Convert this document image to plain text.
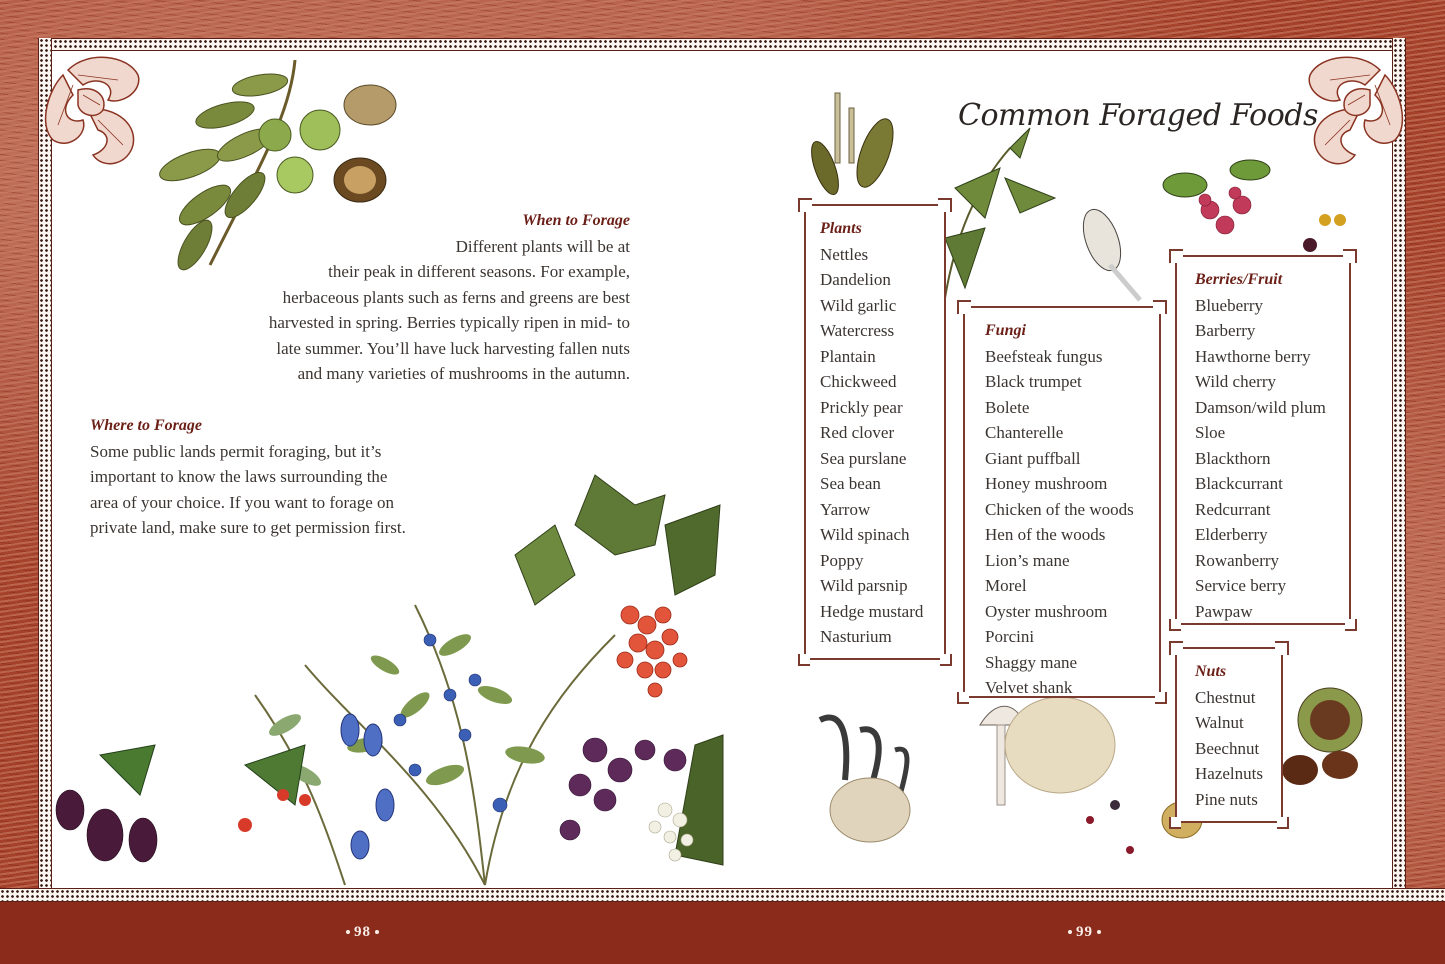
When to Forage
Different plants will be at
their peak in different seasons. For example,
herbaceous plants such as ferns and greens are best
harvested in spring. Berries typically ripen in mid- to
late summer. You’ll have luck harvesting fallen nuts
and many varieties of mushrooms in the autumn.
Where to Forage
Some public lands permit foraging, but it’s
important to know the laws surrounding the
area of your choice. If you want to forage on
private land, make sure to get permission first.
Common Foraged Foods
Plants
Nettles
Dandelion
Wild garlic
Watercress
Plantain
Chickweed
Prickly pear
Red clover
Sea purslane
Sea bean
Yarrow
Wild spinach
Poppy
Wild parsnip
Hedge mustard
Nasturium
Fungi
Beefsteak fungus
Black trumpet
Bolete
Chanterelle
Giant puffball
Honey mushroom
Chicken of the woods
Hen of the woods
Lion’s mane
Morel
Oyster mushroom
Porcini
Shaggy mane
Velvet shank
Berries/Fruit
Blueberry
Barberry
Hawthorne berry
Wild cherry
Damson/wild plum
Sloe
Blackthorn
Blackcurrant
Redcurrant
Elderberry
Rowanberry
Service berry
Pawpaw
Nuts
Chestnut
Walnut
Beechnut
Hazelnuts
Pine nuts
98	99
